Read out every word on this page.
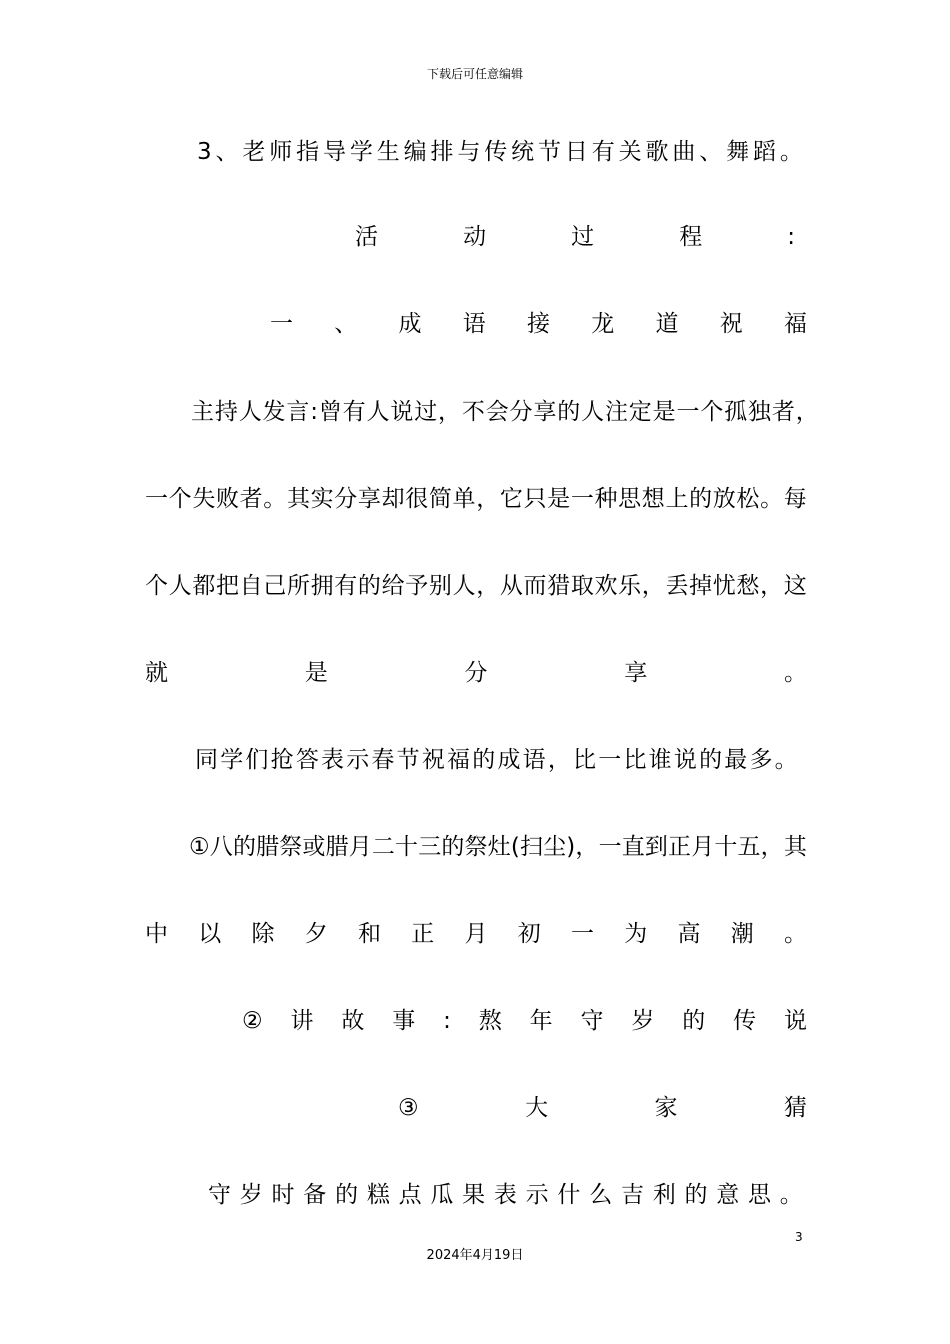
下载后可任意编辑
3 、 老 师 指 导 学 生 编 排 与 传 统 节 日 有 关 歌 曲 、 舞 蹈 。
活	动	过	程	:
一 、 成 语 接 龙 道 祝 福
主 持 人 发 言 : 曾 有 人 说 过 ， 不 会 分 享 的 人 注 定 是 一 个 孤 独 者 ，
一 个 失 败 者 。 其 实 分 享 却 很 简 单 ， 它 只 是 一 种 思 想 上 的 放 松 。 每
个 人 都 把 自 己 所 拥 有 的 给 予 别 人 ， 从 而 猎 取 欢 乐 ， 丢 掉 忧 愁 ， 这
就	是	分	享	。
同 学 们 抢 答 表 示 春 节 祝 福 的 成 语 ， 比 一 比 谁 说 的 最 多 。
① 八 的 腊 祭 或 腊 月 二 十 三 的 祭 灶 ( 扫 尘 ) ， 一 直 到 正 月 十 五 ， 其
中 以 除 夕 和 正 月 初 一 为 高 潮 。
② 讲 故 事 : 熬 年 守 岁 的 传 说
③	大	家	猜
守 岁 时 备 的 糕 点 瓜 果 表 示 什 么 吉 利 的 意 思 。
3
2024年4月19日
